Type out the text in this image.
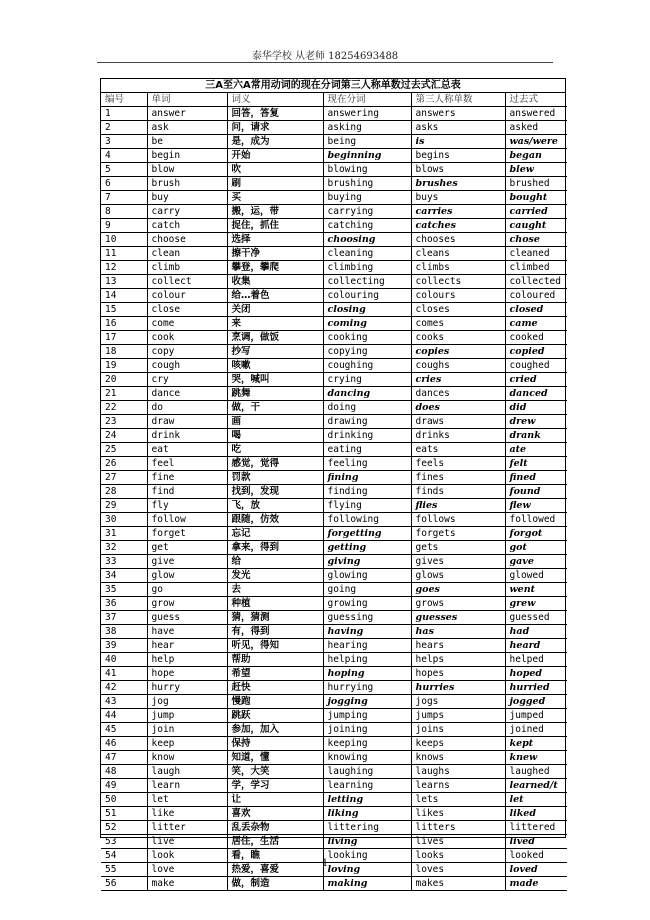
泰华学校 从老师 18254693488
三A至六A常用动词的现在分词第三人称单数过去式汇总表
编号	单词	词义	现在分词	第三人称单数	过去式
1	answer	回答，答复	answering	answers	answered
2	ask	问，请求	asking	asks	asked
3	be	是，成为	being	is	was/were
4	begin	开始	beginning	begins	began
5	blow	吹	blowing	blows	blew
6	brush	刷	brushing	brushes	brushed
7	buy	买	buying	buys	bought
8	carry	搬，运，带	carrying	carries	carried
9	catch	捉住，抓住	catching	catches	caught
10	choose	选择	choosing	chooses	chose
11	clean	擦干净	cleaning	cleans	cleaned
12	climb	攀登，攀爬	climbing	climbs	climbed
13	collect	收集	collecting	collects	collected
14	colour	给…着色	colouring	colours	coloured
15	close	关闭	closing	closes	closed
16	come	来	coming	comes	came
17	cook	烹调，做饭	cooking	cooks	cooked
18	copy	抄写	copying	copies	copied
19	cough	咳嗽	coughing	coughs	coughed
20	cry	哭，喊叫	crying	cries	cried
21	dance	跳舞	dancing	dances	danced
22	do	做，干	doing	does	did
23	draw	画	drawing	draws	drew
24	drink	喝	drinking	drinks	drank
25	eat	吃	eating	eats	ate
26	feel	感觉，觉得	feeling	feels	felt
27	fine	罚款	fining	fines	fined
28	find	找到，发现	finding	finds	found
29	fly	飞，放	flying	flies	flew
30	follow	跟随，仿效	following	follows	followed
31	forget	忘记	forgetting	forgets	forgot
32	get	拿来，得到	getting	gets	got
33	give	给	giving	gives	gave
34	glow	发光	glowing	glows	glowed
35	go	去	going	goes	went
36	grow	种植	growing	grows	grew
37	guess	猜，猜测	guessing	guesses	guessed
38	have	有，得到	having	has	had
39	hear	听见，得知	hearing	hears	heard
40	help	帮助	helping	helps	helped
41	hope	希望	hoping	hopes	hoped
42	hurry	赶快	hurrying	hurries	hurried
43	jog	慢跑	jogging	jogs	jogged
44	jump	跳跃	jumping	jumps	jumped
45	join	参加，加入	joining	joins	joined
46	keep	保持	keeping	keeps	kept
47	know	知道，懂	knowing	knows	knew
48	laugh	笑，大笑	laughing	laughs	laughed
49	learn	学，学习	learning	learns	learned/t
50	let	让	letting	lets	let
51	like	喜欢	liking	likes	liked
52	litter	乱丢杂物	littering	litters	littered
53	live	居住，生活	living	lives	lived
54	look	看，瞧	looking	looks	looked
55	love	热爱，喜爱	loving	loves	loved
56	make	做，制造	making	makes	made
1
